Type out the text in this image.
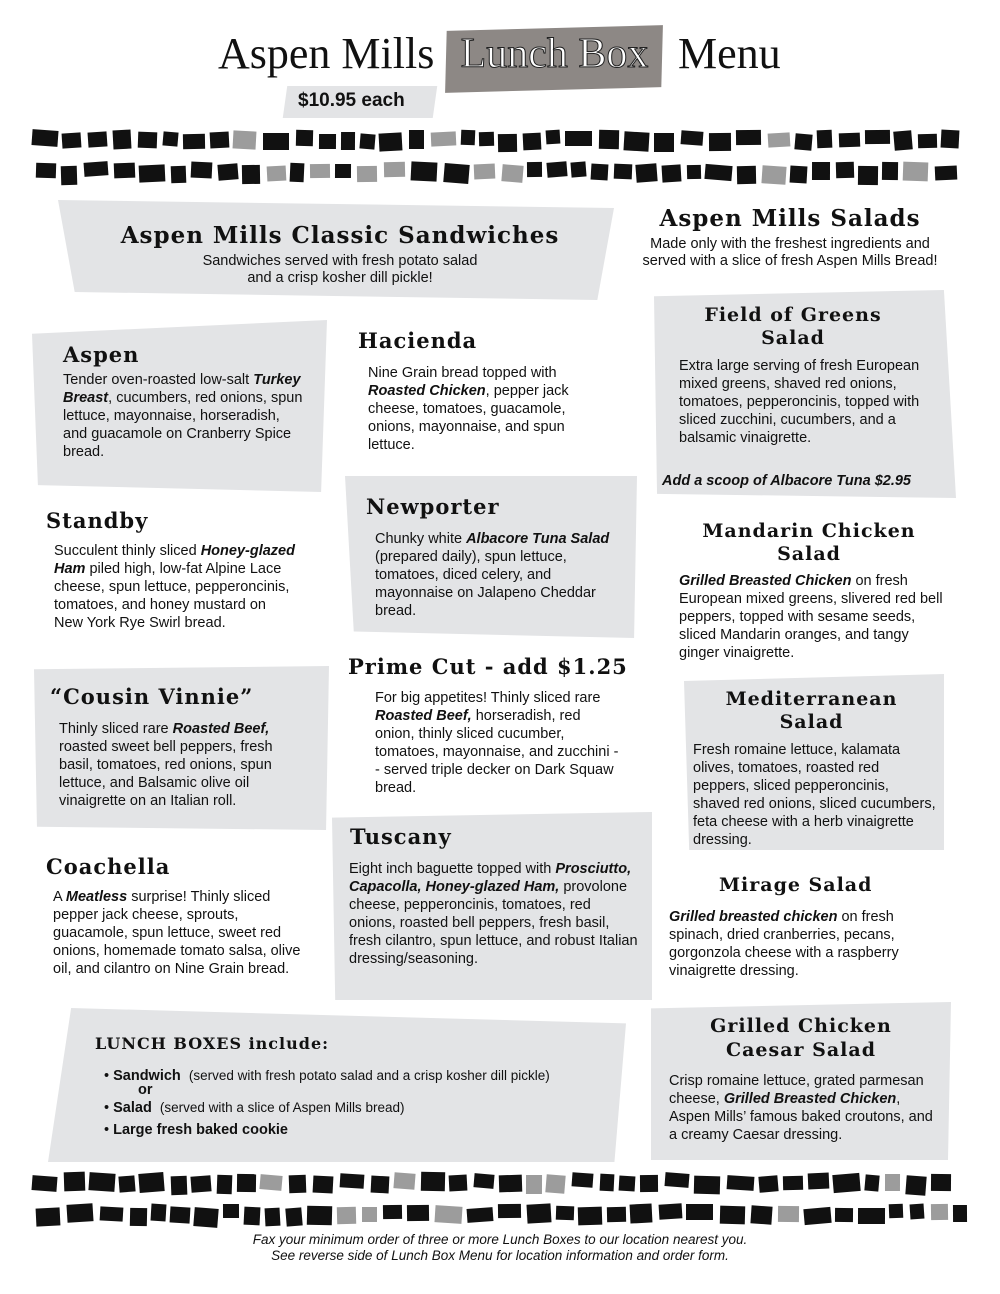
Aspen Mills Lunch Box Menu
$10.95 each
Aspen Mills Classic Sandwiches
Sandwiches served with fresh potato salad
and a crisp kosher dill pickle!
Aspen Mills Salads
Made only with the freshest ingredients and
served with a slice of fresh Aspen Mills Bread!
Aspen
Tender oven-roasted low-salt Turkey Breast, cucumbers, red onions, spun lettuce, mayonnaise, horseradish, and guacamole on Cranberry Spice bread.
Standby
Succulent thinly sliced Honey-glazed Ham piled high, low-fat Alpine Lace cheese, spun lettuce, pepperoncinis, tomatoes, and honey mustard on New York Rye Swirl bread.
“Cousin Vinnie”
Thinly sliced rare Roasted Beef, roasted sweet bell peppers, fresh basil, tomatoes, red onions, spun lettuce, and Balsamic olive oil vinaigrette on an Italian roll.
Coachella
A Meatless surprise! Thinly sliced pepper jack cheese, sprouts, guacamole, spun lettuce, sweet red onions, homemade tomato salsa, olive oil, and cilantro on Nine Grain bread.
Hacienda
Nine Grain bread topped with Roasted Chicken, pepper jack cheese, tomatoes, guacamole, onions, mayonnaise, and spun lettuce.
Newporter
Chunky white Albacore Tuna Salad (prepared daily), spun lettuce, tomatoes, diced celery, and mayonnaise on Jalapeno Cheddar bread.
Prime Cut - add $1.25
For big appetites! Thinly sliced rare Roasted Beef, horseradish, red onion, thinly sliced cucumber, tomatoes, mayonnaise, and zucchini - - served triple decker on Dark Squaw bread.
Tuscany
Eight inch baguette topped with Prosciutto, Capacolla, Honey-glazed Ham, provolone cheese, pepperoncinis, tomatoes, red onions, roasted bell peppers, fresh basil, fresh cilantro, spun lettuce, and robust Italian dressing/seasoning.
Field of Greens
Salad
Extra large serving of fresh European mixed greens, shaved red onions, tomatoes, pepperoncinis, topped with sliced zucchini, cucumbers, and a balsamic vinaigrette.
Add a scoop of Albacore Tuna $2.95
Mandarin Chicken
Salad
Grilled Breasted Chicken on fresh European mixed greens, slivered red bell peppers, topped with sesame seeds, sliced Mandarin oranges, and tangy ginger vinaigrette.
Mediterranean
Salad
Fresh romaine lettuce, kalamata olives, tomatoes, roasted red peppers, sliced pepperoncinis, shaved red onions, sliced cucumbers, feta cheese with a herb vinaigrette dressing.
Mirage Salad
Grilled breasted chicken on fresh spinach, dried cranberries, pecans, gorgonzola cheese with a raspberry vinaigrette dressing.
Grilled Chicken
Caesar Salad
Crisp romaine lettuce, grated parmesan cheese, Grilled Breasted Chicken, Aspen Mills’ famous baked croutons, and a creamy Caesar dressing.
LUNCH BOXES include:
• Sandwich (served with fresh potato salad and a crisp kosher dill pickle)
or
• Salad (served with a slice of Aspen Mills bread)
• Large fresh baked cookie
Fax your minimum order of three or more Lunch Boxes to our location nearest you.
See reverse side of Lunch Box Menu for location information and order form.
